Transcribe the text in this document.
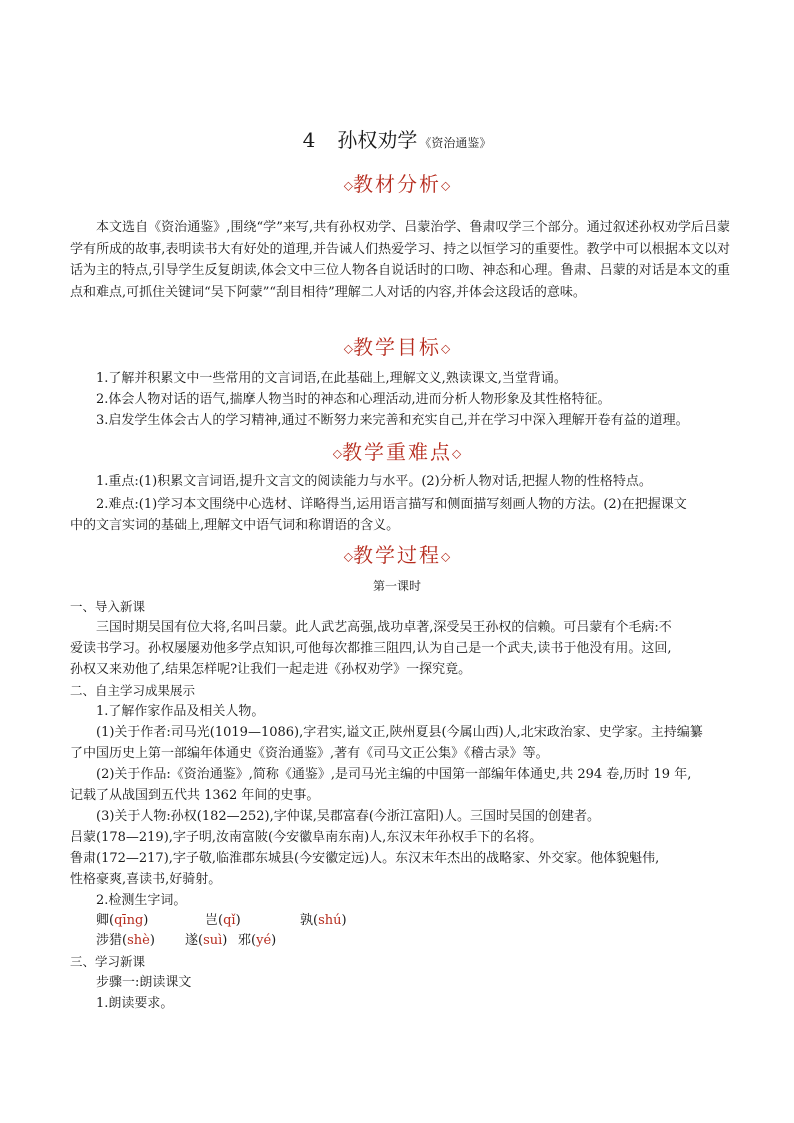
4 孙权劝学 《资治通鉴》
◇教材分析◇

本文选自《资治通鉴》,围绕“学”来写,共有孙权劝学、吕蒙治学、鲁肃叹学三个部分。通过叙述孙权劝学后吕蒙学有所成的故事,表明读书大有好处的道理,并告诫人们热爱学习、持之以恒学习的重要性。教学中可以根据本文以对话为主的特点,引导学生反复朗读,体会文中三位人物各自说话时的口吻、神态和心理。鲁肃、吕蒙的对话是本文的重点和难点,可抓住关键词“吴下阿蒙”“刮目相待”理解二人对话的内容,并体会这段话的意味。

◇教学目标◇

1.了解并积累文中一些常用的文言词语,在此基础上,理解文义,熟读课文,当堂背诵。

2.体会人物对话的语气,揣摩人物当时的神态和心理活动,进而分析人物形象及其性格特征。

3.启发学生体会古人的学习精神,通过不断努力来完善和充实自己,并在学习中深入理解开卷有益的道理。

◇教学重难点◇

1.重点:(1)积累文言词语,提升文言文的阅读能力与水平。(2)分析人物对话,把握人物的性格特点。

2.难点:(1)学习本文围绕中心选材、详略得当,运用语言描写和侧面描写刻画人物的方法。(2)在把握课文

中的文言实词的基础上,理解文中语气词和称谓语的含义。

◇教学过程◇
第一课时

一、导入新课

三国时期吴国有位大将,名叫吕蒙。此人武艺高强,战功卓著,深受吴王孙权的信赖。可吕蒙有个毛病:不

爱读书学习。孙权屡屡劝他多学点知识,可他每次都推三阻四,认为自己是一个武夫,读书于他没有用。这回,

孙权又来劝他了,结果怎样呢?让我们一起走进《孙权劝学》一探究竟。

二、自主学习成果展示

1.了解作家作品及相关人物。

(1)关于作者:司马光(1019—1086),字君实,谥文正,陕州夏县(今属山西)人,北宋政治家、史学家。主持编纂

了中国历史上第一部编年体通史《资治通鉴》,著有《司马文正公集》《稽古录》等。

(2)关于作品:《资治通鉴》,简称《通鉴》,是司马光主编的中国第一部编年体通史,共 294 卷,历时 19 年,

记载了从战国到五代共 1362 年间的史事。

(3)关于人物:孙权(182—252),字仲谋,吴郡富春(今浙江富阳)人。三国时吴国的创建者。

吕蒙(178—219),字子明,汝南富陂(今安徽阜南东南)人,东汉末年孙权手下的名将。

鲁肃(172—217),字子敬,临淮郡东城县(今安徽定远)人。东汉末年杰出的战略家、外交家。他体貌魁伟,

性格豪爽,喜读书,好骑射。

2.检测生字词。

卿(qīng)	岂(qǐ)	孰(shú)
涉猎(shè) 遂(suì) 邪(yé)

三、学习新课

步骤一:朗读课文

1.朗读要求。
